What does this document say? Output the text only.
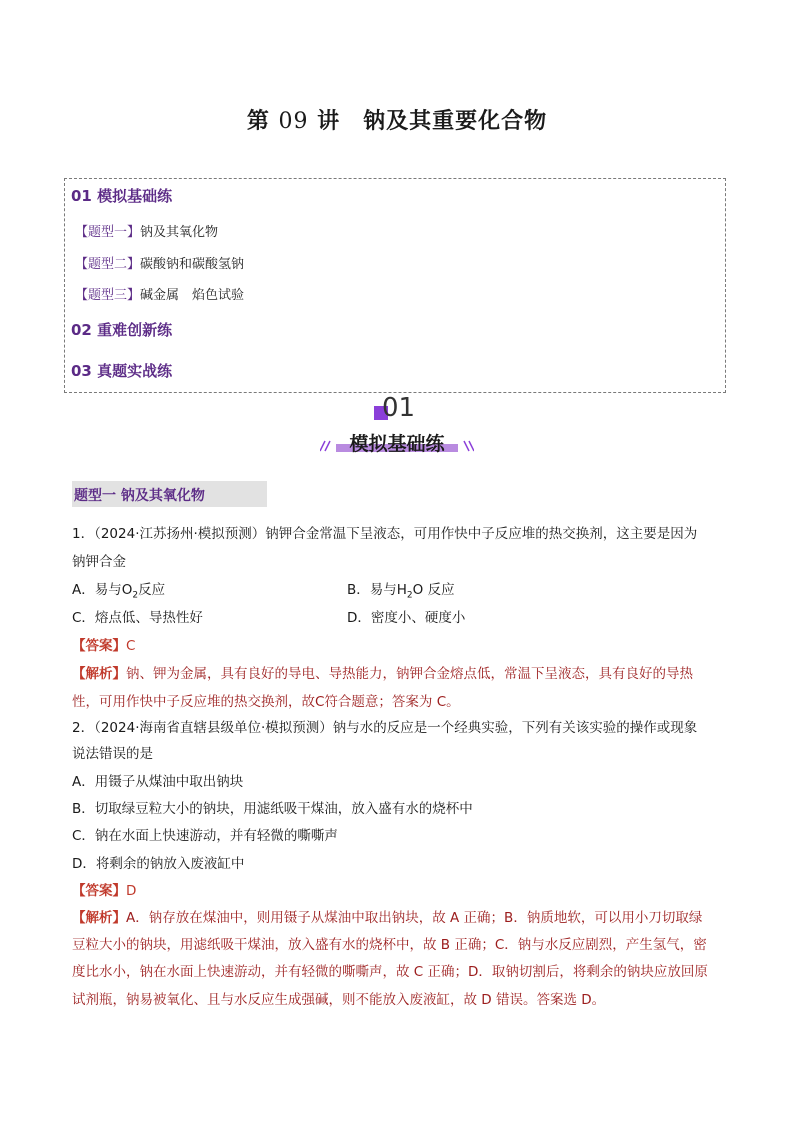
第 09 讲　钠及其重要化合物
01 模拟基础练
【题型一】钠及其氧化物
【题型二】碳酸钠和碳酸氢钠
【题型三】碱金属　焰色试验
02 重难创新练
03 真题实战练
01
模拟基础练
题型一 钠及其氧化物
1．（2024·江苏扬州·模拟预测）钠钾合金常温下呈液态，可用作快中子反应堆的热交换剂，这主要是因为
钠钾合金
A．易与$O_2$反应	B．易与$H_2O$ 反应
C．熔点低、导热性好	D．密度小、硬度小
【答案】C
【解析】钠、钾为金属，具有良好的导电、导热能力，钠钾合金熔点低，常温下呈液态，具有良好的导热
性，可用作快中子反应堆的热交换剂，故C符合题意；答案为 C。
2．（2024·海南省直辖县级单位·模拟预测）钠与水的反应是一个经典实验，下列有关该实验的操作或现象
说法错误的是
A．用镊子从煤油中取出钠块
B．切取绿豆粒大小的钠块，用滤纸吸干煤油，放入盛有水的烧杯中
C．钠在水面上快速游动，并有轻微的嘶嘶声
D．将剩余的钠放入废液缸中
【答案】D
【解析】A．钠存放在煤油中，则用镊子从煤油中取出钠块，故 A 正确；B．钠质地软，可以用小刀切取绿
豆粒大小的钠块，用滤纸吸干煤油，放入盛有水的烧杯中，故 B 正确；C．钠与水反应剧烈，产生氢气，密
度比水小，钠在水面上快速游动，并有轻微的嘶嘶声，故 C 正确；D．取钠切割后，将剩余的钠块应放回原
试剂瓶，钠易被氧化、且与水反应生成强碱，则不能放入废液缸，故 D 错误。答案选 D。
